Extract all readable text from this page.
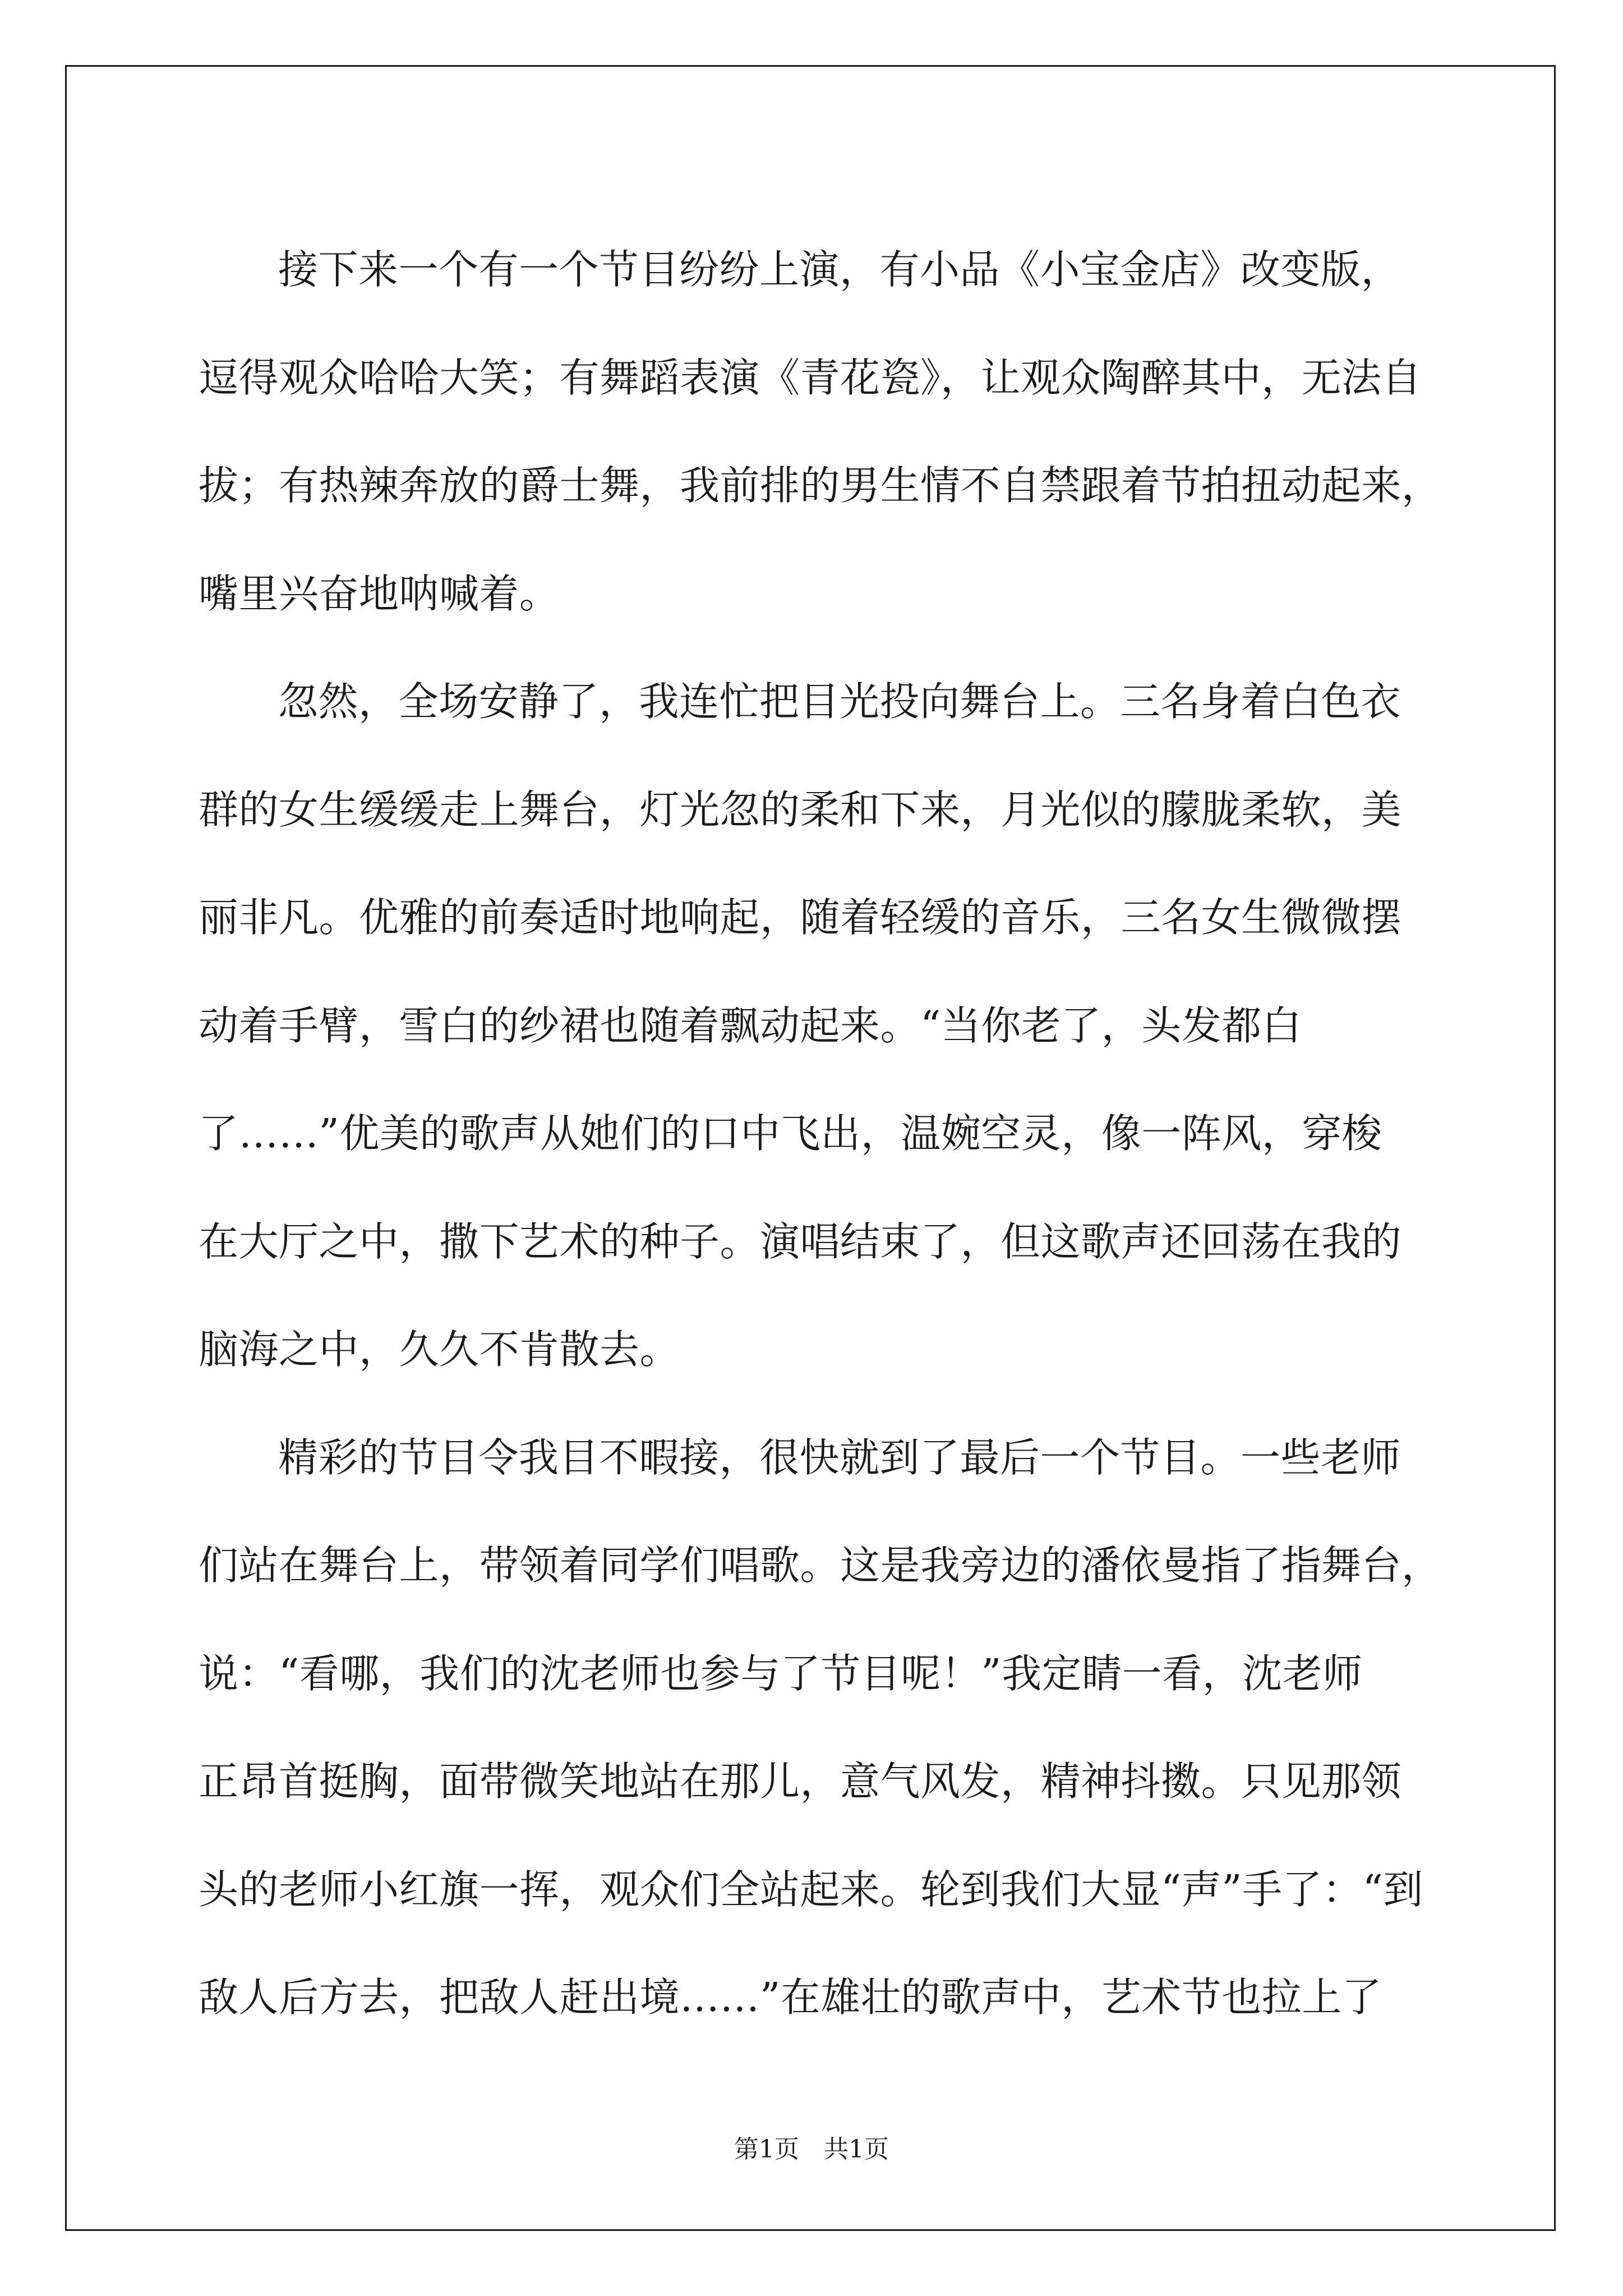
接下来一个有一个节目纷纷上演，有小品《小宝金店》改变版，
逗得观众哈哈大笑；有舞蹈表演《青花瓷》，让观众陶醉其中，无法自
拔；有热辣奔放的爵士舞，我前排的男生情不自禁跟着节拍扭动起来，
嘴里兴奋地呐喊着。
忽然，全场安静了，我连忙把目光投向舞台上。三名身着白色衣
群的女生缓缓走上舞台，灯光忽的柔和下来，月光似的朦胧柔软，美
丽非凡。优雅的前奏适时地响起，随着轻缓的音乐，三名女生微微摆
动着手臂，雪白的纱裙也随着飘动起来。“当你老了，头发都白
了……”优美的歌声从她们的口中飞出，温婉空灵，像一阵风，穿梭
在大厅之中，撒下艺术的种子。演唱结束了，但这歌声还回荡在我的
脑海之中，久久不肯散去。
精彩的节目令我目不暇接，很快就到了最后一个节目。一些老师
们站在舞台上，带领着同学们唱歌。这是我旁边的潘依曼指了指舞台，
说：“看哪，我们的沈老师也参与了节目呢！”我定睛一看，沈老师
正昂首挺胸，面带微笑地站在那儿，意气风发，精神抖擞。只见那领
头的老师小红旗一挥，观众们全站起来。轮到我们大显“声”手了：“到
敌人后方去，把敌人赶出境……”在雄壮的歌声中，艺术节也拉上了
第1页　共1页
